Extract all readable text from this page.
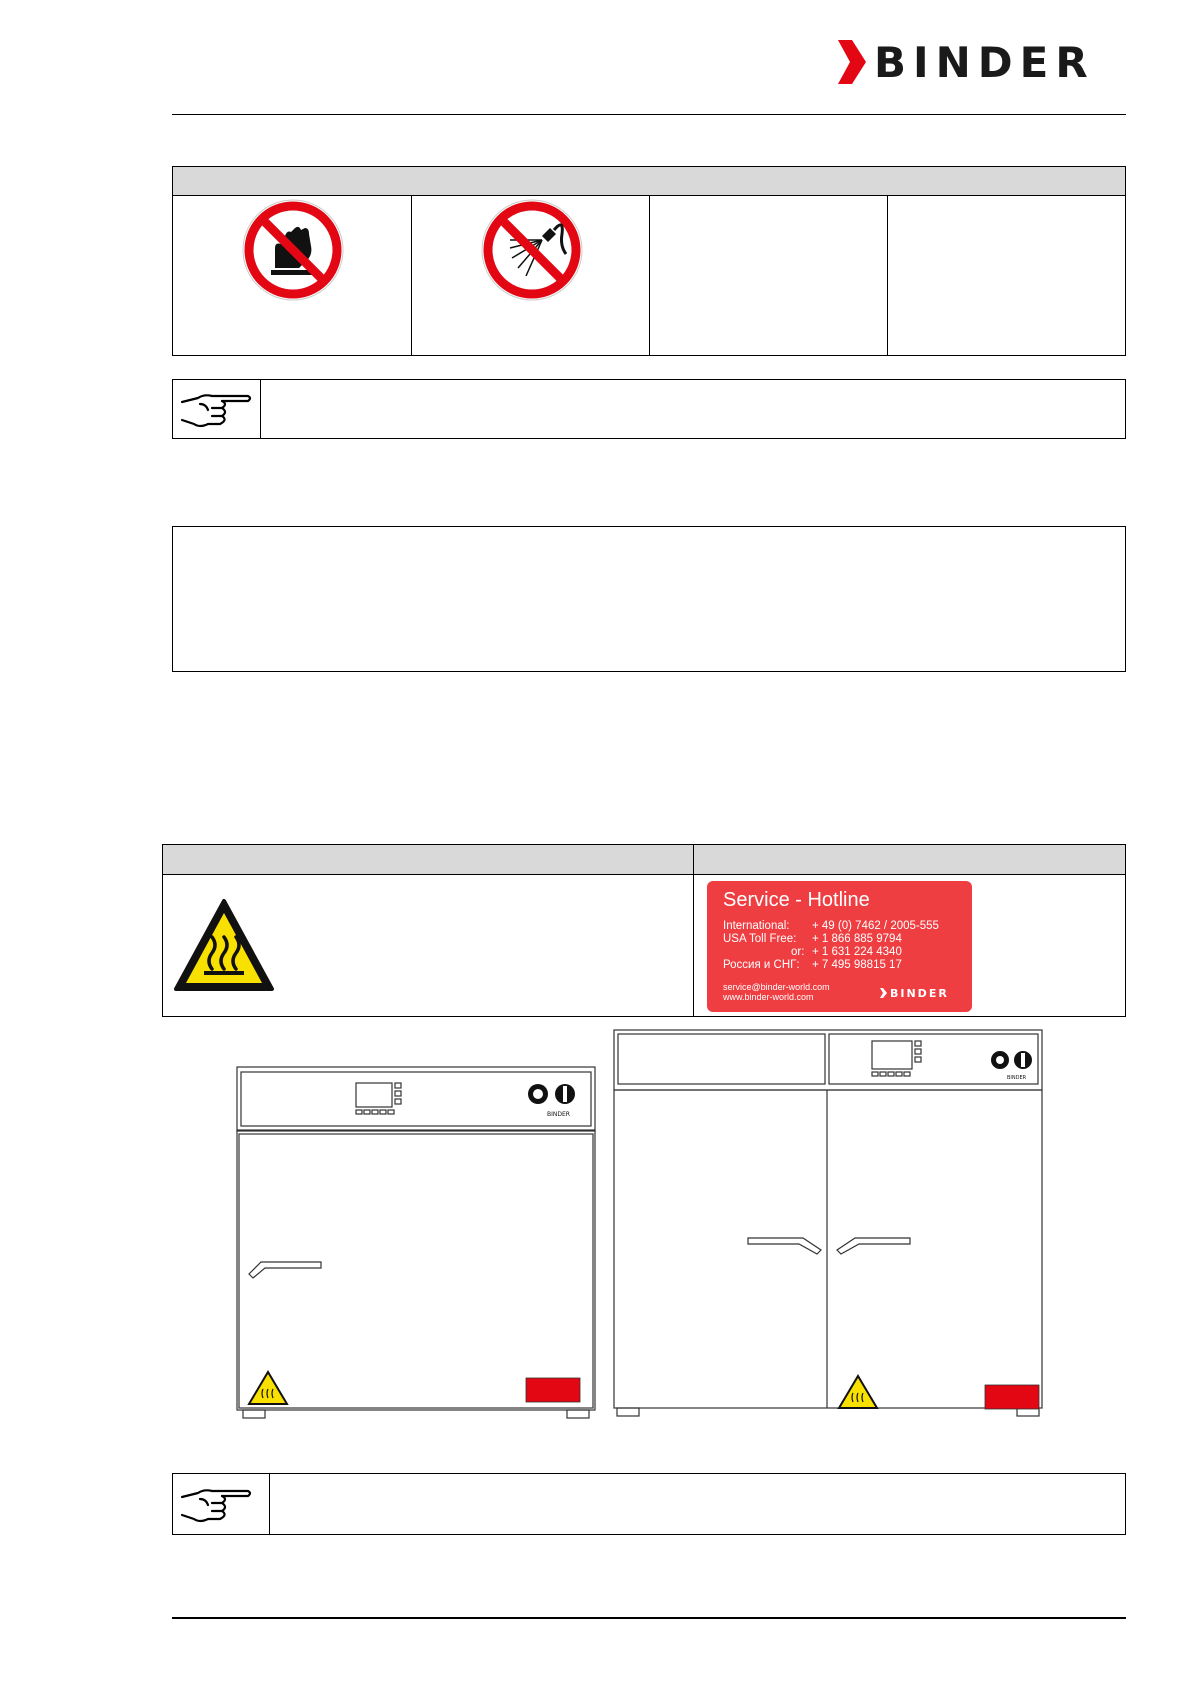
BINDER
Service - Hotline
International: + 49 (0) 7462 / 2005-555
USA Toll Free: + 1 866 885 9794
or: + 1 631 224 4340
Россия и СНГ: + 7 495 98815 17
service@binder-world.com
www.binder-world.com	BINDER
BINDER
BINDER
